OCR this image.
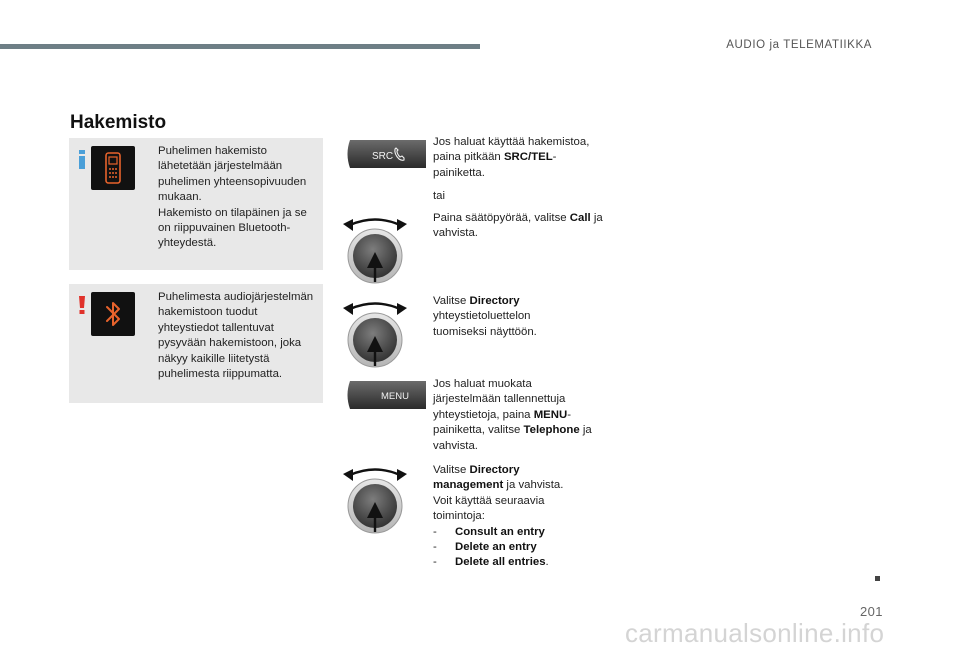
AUDIO ja TELEMATIIKKA
Hakemisto
Puhelimen hakemisto lähetetään järjestelmään puhelimen yhteensopivuuden mukaan.
Hakemisto on tilapäinen ja se on riippuvainen Bluetooth-yhteydestä.
Puhelimesta audiojärjestelmän hakemistoon tuodut yhteystiedot tallentuvat pysyvään hakemistoon, joka näkyy kaikille liitetystä puhelimesta riippumatta.
SRC
MENU
Jos haluat käyttää hakemistoa, paina pitkään SRC/TEL-painiketta.
tai
Paina säätöpyörää, valitse Call ja vahvista.
Valitse Directory yhteystietoluettelon tuomiseksi näyttöön.
Jos haluat muokata järjestelmään tallennettuja yhteystietoja, paina MENU-painiketta, valitse Telephone ja vahvista.

Valitse Directory management ja vahvista.

Voit käyttää seuraavia toimintoja:

-	Consult an entry
-	Delete an entry
-	Delete all entries.
201
carmanualsonline.info
